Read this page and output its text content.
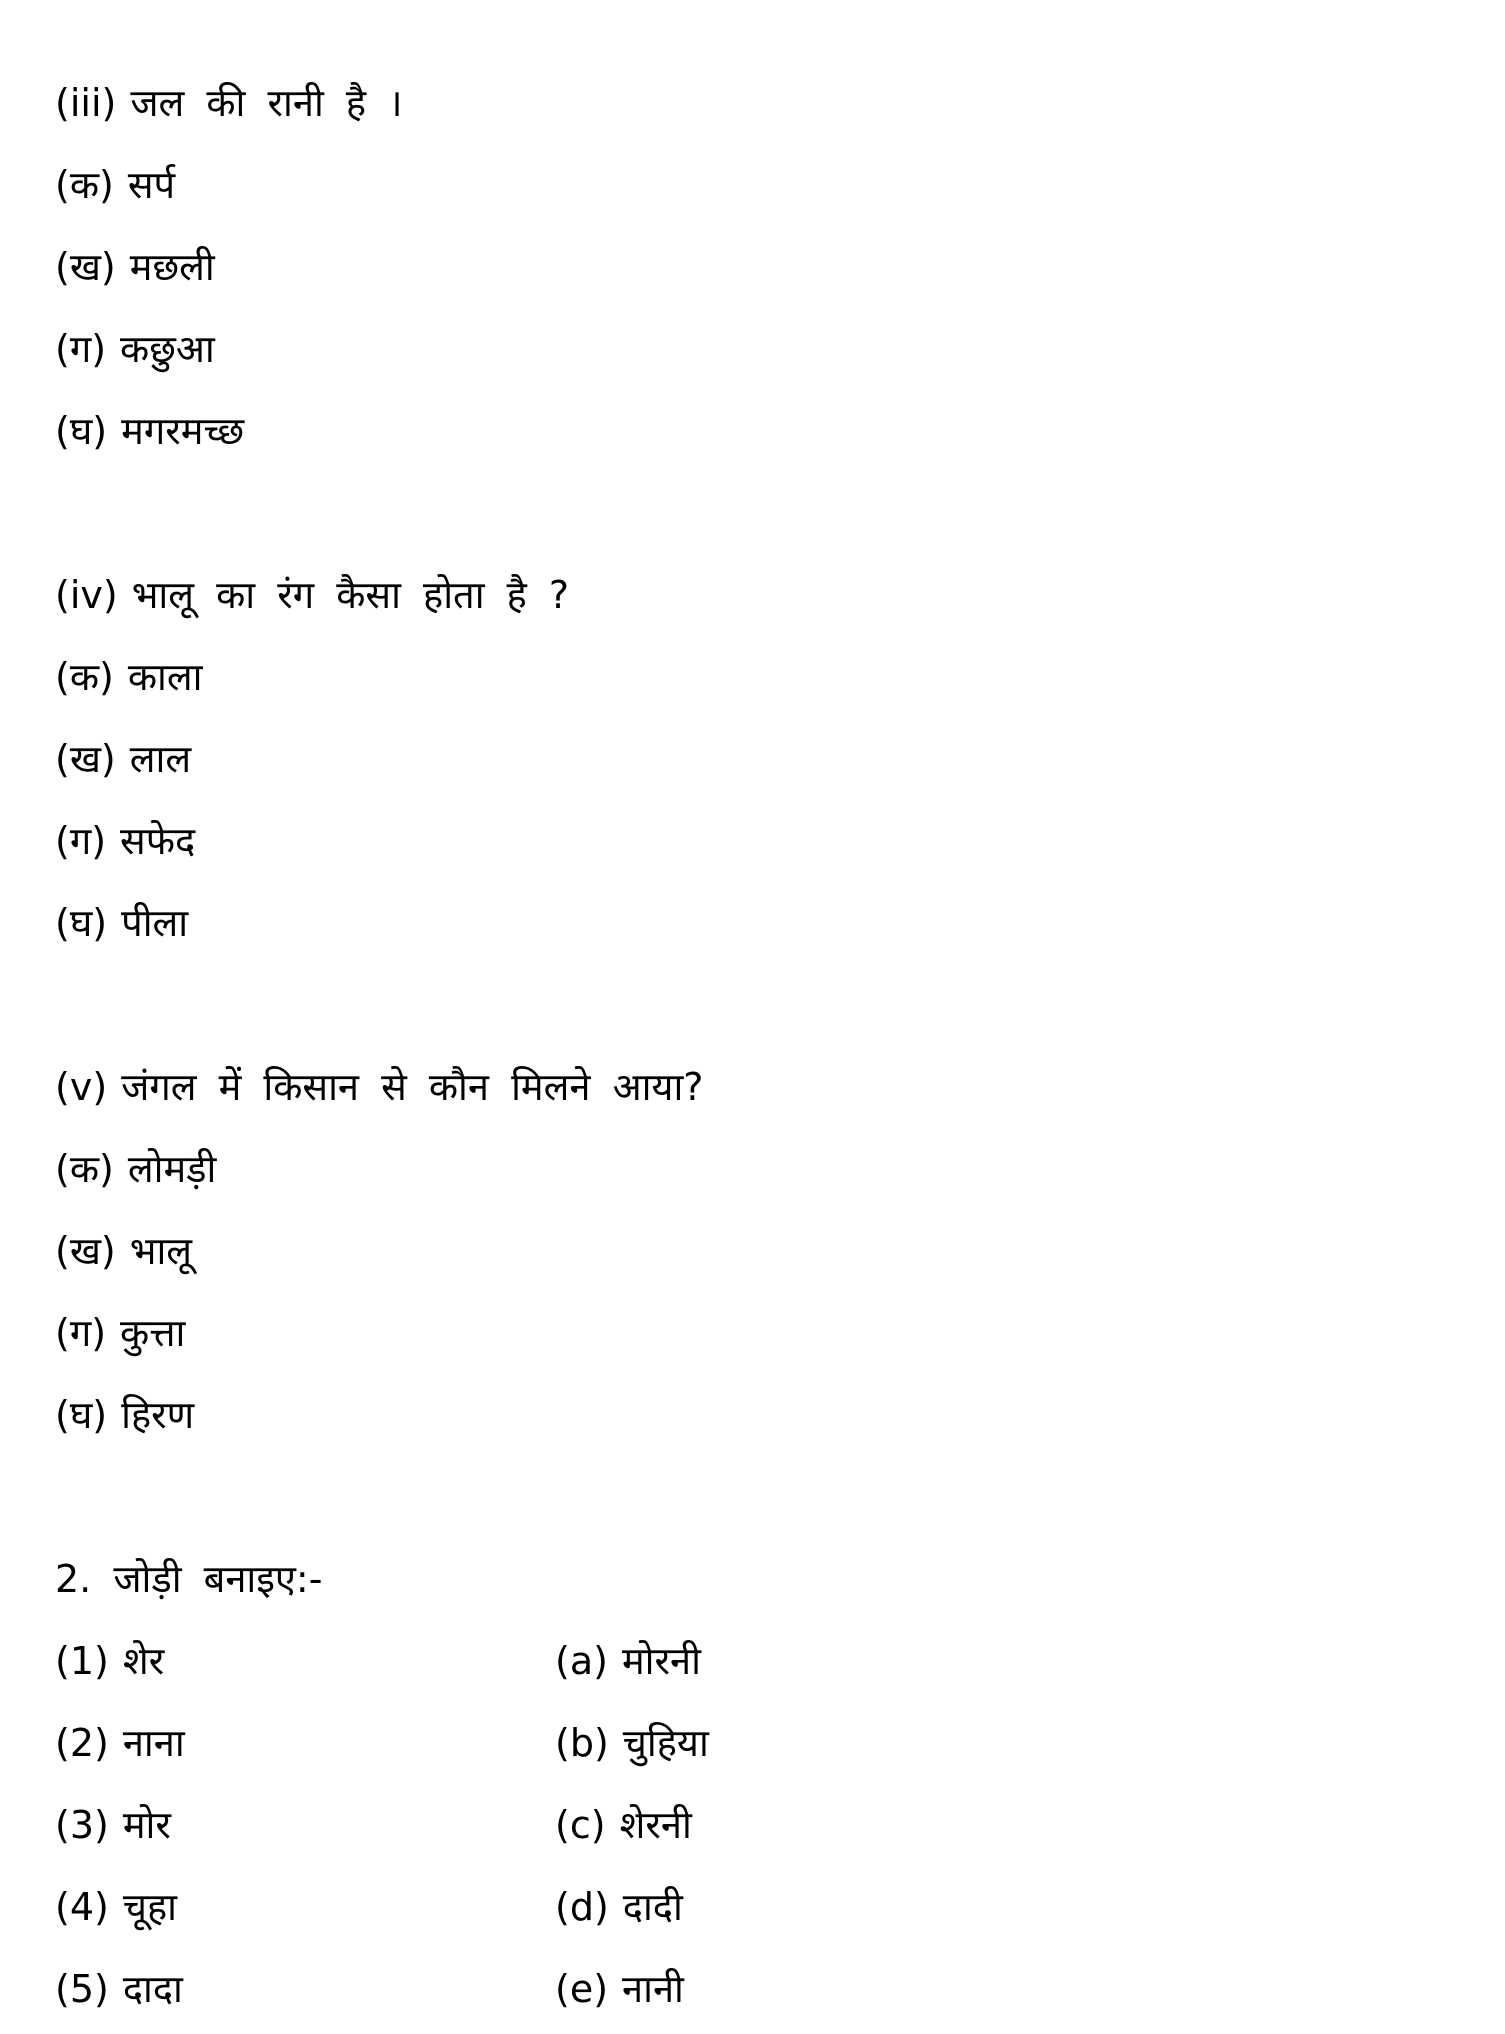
(iii) जल की रानी है ।
(क) सर्प
(ख) मछली
(ग) कछुआ
(घ) मगरमच्छ
(iv) भालू का रंग कैसा होता है ?
(क) काला
(ख) लाल
(ग) सफेद
(घ) पीला
(v) जंगल में किसान से कौन मिलने आया?
(क) लोमड़ी
(ख) भालू
(ग) कुत्ता
(घ) हिरण
2. जोड़ी बनाइए:-
(1) शेर	(a) मोरनी
(2) नाना	(b) चुहिया
(3) मोर	(c) शेरनी
(4) चूहा	(d) दादी
(5) दादा	(e) नानी
